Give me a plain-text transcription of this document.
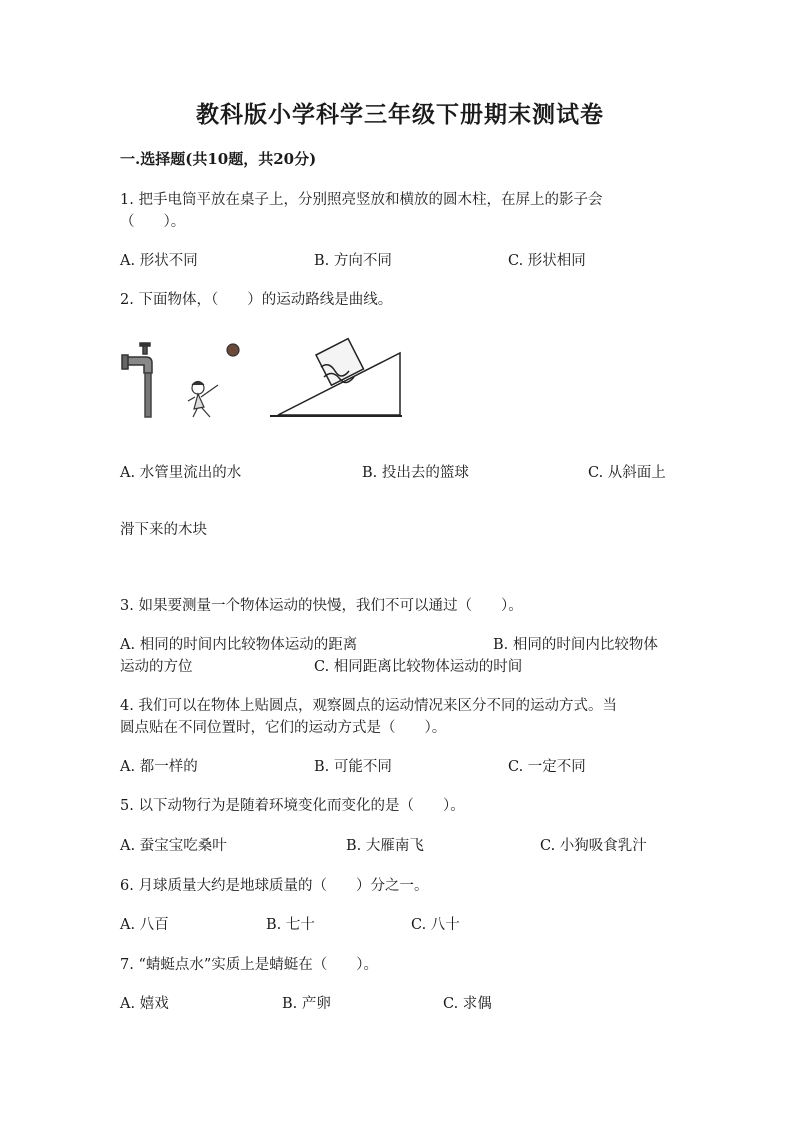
教科版小学科学三年级下册期末测试卷
一.选择题(共10题，共20分)
1. 把手电筒平放在桌子上，分别照亮竖放和横放的圆木柱，在屏上的影子会
（　　）。
A. 形状不同	B. 方向不同	C. 形状相同
2. 下面物体，（　　）的运动路线是曲线。
A. 水管里流出的水	B. 投出去的篮球	C. 从斜面上
滑下来的木块
3. 如果要测量一个物体运动的快慢，我们不可以通过（　　）。
A. 相同的时间内比较物体运动的距离	B. 相同的时间内比较物体
运动的方位	C. 相同距离比较物体运动的时间
4. 我们可以在物体上贴圆点，观察圆点的运动情况来区分不同的运动方式。当
圆点贴在不同位置时，它们的运动方式是（　　）。
A. 都一样的	B. 可能不同	C. 一定不同
5. 以下动物行为是随着环境变化而变化的是（　　）。
A. 蚕宝宝吃桑叶	B. 大雁南飞	C. 小狗吸食乳汁
6. 月球质量大约是地球质量的（　　）分之一。
A. 八百	B. 七十	C. 八十
7. “蜻蜓点水”实质上是蜻蜓在（　　）。
A. 嬉戏	B. 产卵	C. 求偶
